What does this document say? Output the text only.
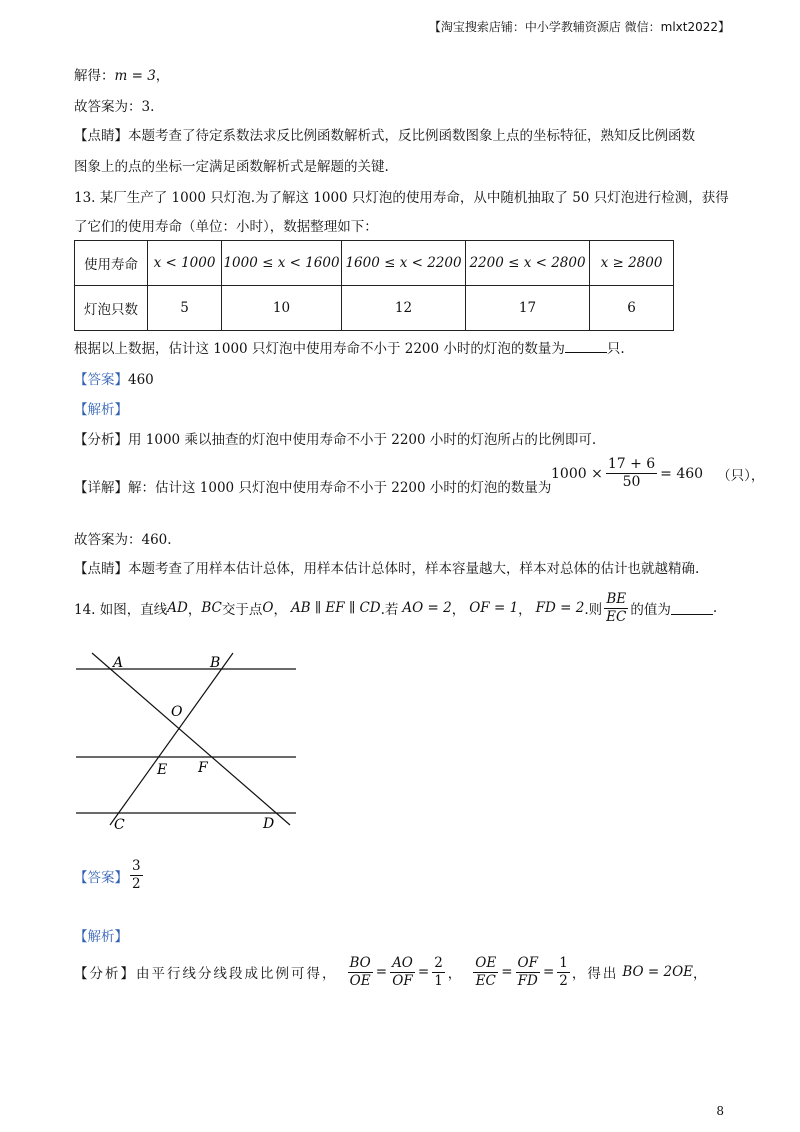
【淘宝搜索店铺：中小学教辅资源店 微信：mlxt2022】
解得：m = 3，
故答案为：3.
【点睛】本题考查了待定系数法求反比例函数解析式，反比例函数图象上点的坐标特征，熟知反比例函数
图象上的点的坐标一定满足函数解析式是解题的关键.
13. 某厂生产了 1000 只灯泡.为了解这 1000 只灯泡的使用寿命，从中随机抽取了 50 只灯泡进行检测，获得
了它们的使用寿命（单位：小时），数据整理如下：
使用寿命	x < 1000	1000 ≤ x < 1600	1600 ≤ x < 2200	2200 ≤ x < 2800	x ≥ 2800
灯泡只数	5	10	12	17	6
根据以上数据，估计这 1000 只灯泡中使用寿命不小于 2200 小时的灯泡的数量为	只.
【答案】460
【解析】
【分析】用 1000 乘以抽查的灯泡中使用寿命不小于 2200 小时的灯泡所占的比例即可.
【详解】解：估计这 1000 只灯泡中使用寿命不小于 2200 小时的灯泡的数量为
$1000 \times \frac{17 + 6}{50} = 460$ （只），
故答案为：460.
【点睛】本题考查了用样本估计总体，用样本估计总体时，样本容量越大，样本对总体的估计也就越精确.
14. 如图，直线 AD ， BC 交于点 O ， AB ∥ EF ∥ CD .若 AO = 2 ， OF = 1 ， FD = 2 .则 $\frac{BE}{EC}$ 的值为	.
A	B
O
E F
C	D
【答案】 $\frac{3}{2}$
【解析】
【分析】 由平行线分线段成比例可得， $\frac{BO}{OE} = \frac{AO}{OF} = \frac{2}{1}$ ， $\frac{OE}{EC} = \frac{OF}{FD} = \frac{1}{2}$ ，得出 BO = 2OE ，
8
